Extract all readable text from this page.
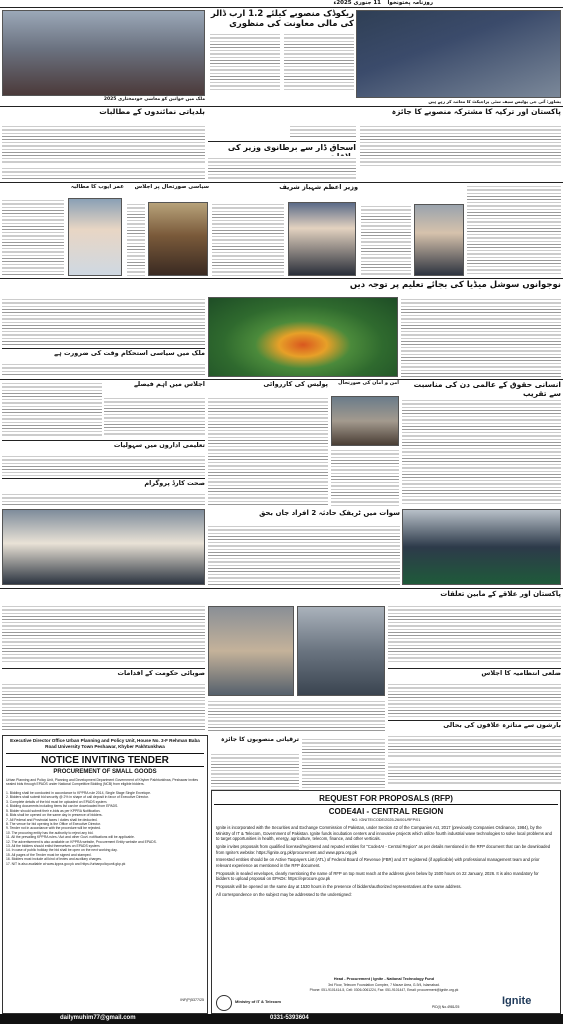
11 جنوری 2025ء روزنامہ پختونخوا
ملک میں خواتین کو معاشی خودمختاری 2025
ریکوڈک منصوبے کیلئے 1.2 ارب ڈالر کی مالی معاونت کی منظوری
پشاور: آئی جی پولیس سیف سٹی پراجیکٹ کا معائنہ کر رہے ہیں
بلدیاتی نمائندوں کے مطالبات	پاکستان اور ترکیہ کا مشترکہ منصوبے کا جائزہ
اسحاق ڈار سے برطانوی وزیر کی
عمر ایوب کا مطالبہ	سیاسی صورتحال پر اجلاس	وزیر اعظم شہباز شریف
نوجوانوں سوشل میڈیا کی بجائے تعلیم پر توجہ دیں
ملک میں سیاسی استحکام وقت کی ضرورت ہے
اجلاس میں اہم فیصلے	پولیس کی کارروائی	امن و امان کی صورتحال	انسانی حقوق کے عالمی دن کی مناسبت سے تقریب
تعلیمی اداروں میں سہولیات
صحت کارڈ پروگرام
سوات میں ٹریفک حادثہ 2 افراد جاں بحق
پاکستان اور علاقے کے مابین تعلقات
صوبائی حکومت کے اقدامات	ضلعی انتظامیہ کا اجلاس
بارشوں سے متاثرہ علاقوں کی بحالی
Executive Director Office Urban Planning and Policy Unit, House No. 3-F Rehman Baba Road University Town Peshawar, Khyber Pakhtunkhwa
NOTICE INVITING TENDER
PROCUREMENT OF SMALL GOODS
Urban Planning and Policy Unit, Planning and Development Department Government of Khyber Pakhtunkhwa, Peshawar invites sealed bids through EPADS under National Competitive Bidding (NCB) from eligible bidders.
1. Bidding shall be conducted in accordance to KPPRA rule 2014, Single Stage Single Envelope.
2. Bidders shall submit bid security @ 2% in shape of call deposit in favor of Executive Director.
3. Complete details of the bid must be uploaded on EPADS system.
4. Bidding documents including items list can be downloaded from EPADS.
5. Bidder should submit their e-bids as per KPPRA Notification.
6. Bids shall be opened on the same day in presence of bidders.
7. All Federal and Provincial taxes / duties shall be deducted.
8. The venue for bid opening is the Office of Executive Director.
9. Tender not in accordance with the procedure will be rejected.
10. The procuring entity has the authority to reject any bid.
11. All the prevailing KPPRA rules / Act and other Govt. notifications will be applicable.
12. The advertisement is also available on KPPRA website, Procurement Entity website and EPADS.
13. All the bidders should enlist themselves on EPADS system.
14. In case of public holiday the bid shall be open on the next working day.
15. All pages of the Tender must be signed and stamped.
16. Bidders must include all kind of levies and auxiliary charges.
17. NIT is also available at www.kppra.gov.pk and https://urbanpolicyunit.gkp.pk
INF(P)5377/25
ترقیاتی منصوبوں کا جائزہ
REQUEST FOR PROPOSALS (RFP)
CODE4AI - CENTRAL REGION
NO. IGNITE/CODE/2025-26/001/RFP/01
Ignite is incorporated with the Securities and Exchange Commission of Pakistan, under Section 42 of the Companies Act, 2017 (previously Companies Ordinance, 1984), by the Ministry of IT & Telecom, Government of Pakistan. Ignite funds incubation centers and innovative projects which utilize fourth industrial wave technologies to solve local problems and to target opportunities in health, energy, agriculture, telecom, finance, and other verticals.
Ignite invites proposals from qualified licensed/registered and reputed entities for "Code4AI - Central Region" as per details mentioned in the RFP document that can be downloaded from Ignite's website: https://ignite.org.pk/procurement and www.ppra.org.pk
Interested entities should be on Active Taxpayers List (ATL) of Federal Board of Revenue (FBR) and ST registered (if applicable) with professional management team and prior relevant experience as mentioned in the RFP document.
Proposals in sealed envelopes, clearly mentioning the name of RFP on top must reach at the address given below by 1500 hours on 22 January, 2026. It is also mandatory for bidders to upload proposal on EPADs: https://eprocure.gov.pk
Proposals will be opened on the same day at 1530 hours in the presence of bidders/authorized representatives at the same address.
All correspondence on the subject may be addressed to the undersigned:
Head - Procurement | Ignite - National Technology Fund
3rd Floor, Telecom Foundation Complex, 7 Mauve Area, G-9/4, Islamabad.
Phone: 051-9101414-5, Cell: 0306-0061224, Fax: 051-9101447, Email: procurement@ignite.org.pk
Ministry of IT & Telecom	Ignite
PID(I) No.4981/25
dailymuhim77@gmail.com	0331-5393604
